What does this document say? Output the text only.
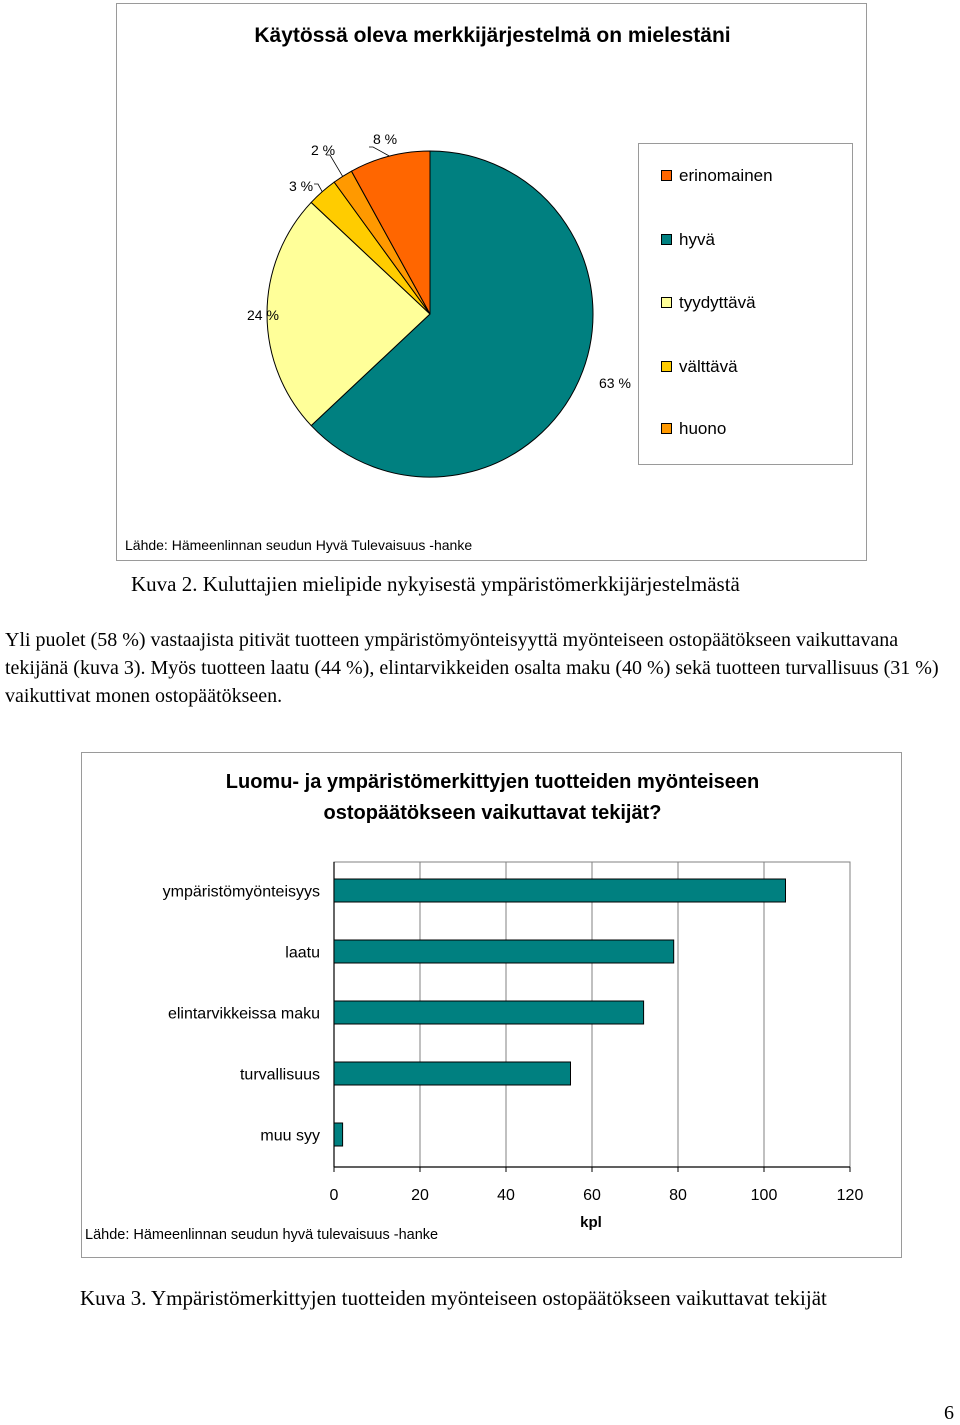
Käytössä oleva merkkijärjestelmä on mielestäni
63 %
24 %
3 %
2 %
8 %
erinomainen
hyvä
tyydyttävä
välttävä
huono
Lähde: Hämeenlinnan seudun Hyvä Tulevaisuus -hanke
Kuva 2. Kuluttajien mielipide nykyisestä ympäristömerkkijärjestelmästä
Yli puolet (58 %) vastaajista pitivät tuotteen ympäristömyönteisyyttä myönteiseen ostopäätökseen vaikuttavana tekijänä (kuva 3). Myös tuotteen laatu (44 %), elintarvikkeiden osalta maku (40 %) sekä tuotteen turvallisuus (31 %) vaikuttivat monen ostopäätökseen.
Luomu- ja ympäristömerkittyjen tuotteiden myönteiseen
ostopäätökseen vaikuttavat tekijät?
0	20	40	60	80	100	120
ympäristömyönteisyys
laatu
elintarvikkeissa maku
turvallisuus
muu syy
kpl
Lähde: Hämeenlinnan seudun hyvä tulevaisuus -hanke
Kuva 3. Ympäristömerkittyjen tuotteiden myönteiseen ostopäätökseen vaikuttavat tekijät
6
